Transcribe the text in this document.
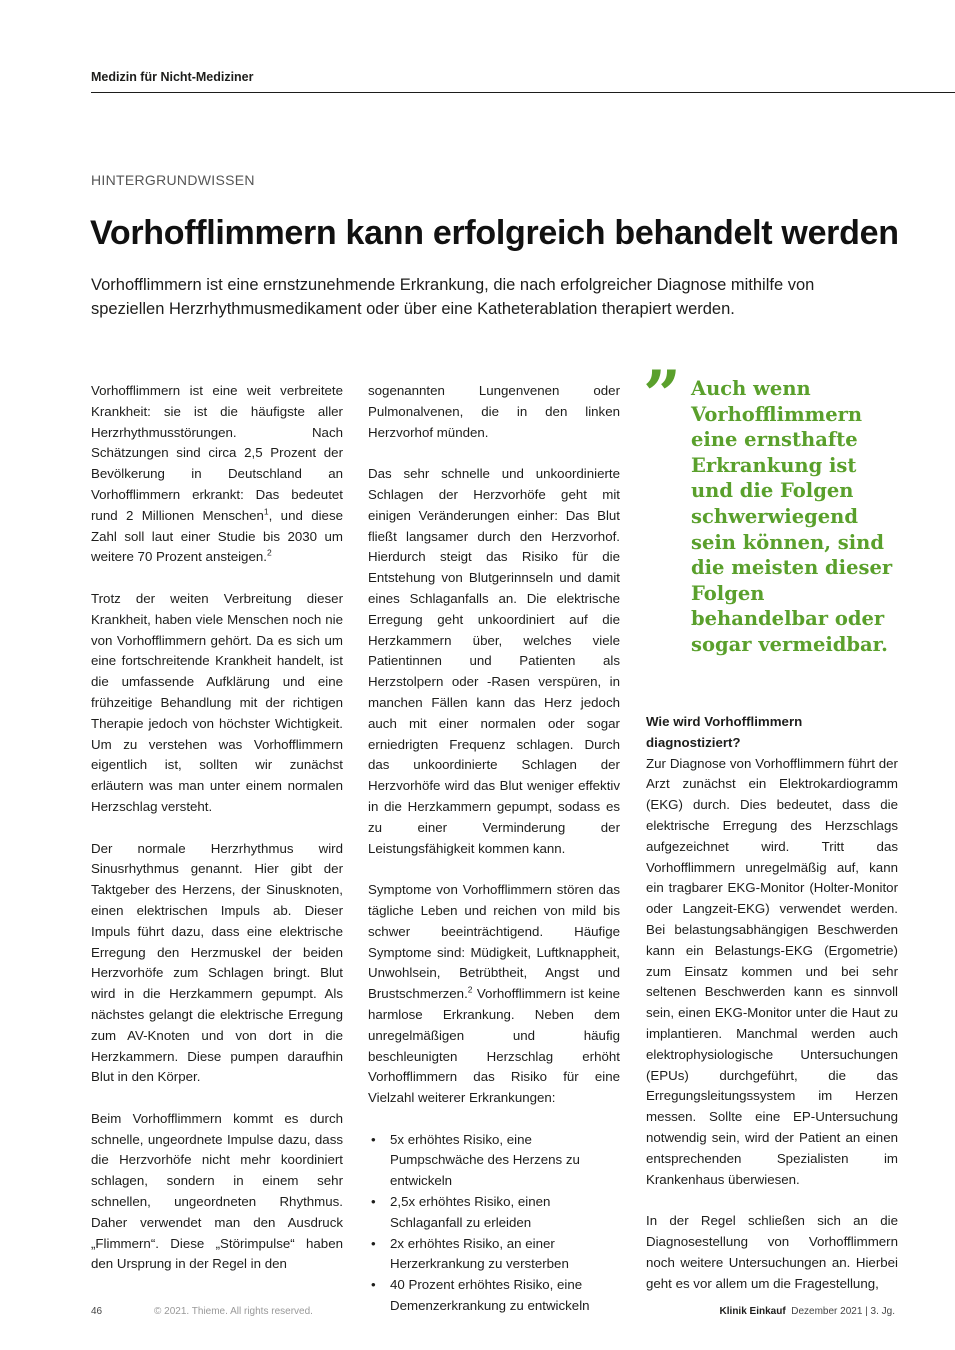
Medizin für Nicht-Mediziner
HINTERGRUNDWISSEN
Vorhofflimmern kann erfolgreich behandelt werden
Vorhofflimmern ist eine ernstzunehmende Erkrankung, die nach erfolgreicher Diagnose mithilfe von speziellen Herzrhythmusmedikament oder über eine Katheterablation therapiert werden.

Vorhofflimmern ist eine weit verbreitete Krankheit: sie ist die häufigste aller Herzrhythmusstörungen. Nach Schätzungen sind circa 2,5 Prozent der Bevölkerung in Deutschland an Vorhofflimmern erkrankt: Das bedeutet rund 2 Millionen Menschen$^1$, und diese Zahl soll laut einer Studie bis 2030 um weitere 70 Prozent ansteigen.$^2$

Trotz der weiten Verbreitung dieser Krankheit, haben viele Menschen noch nie von Vorhofflimmern gehört. Da es sich um eine fortschreitende Krankheit handelt, ist die umfassende Aufklärung und eine frühzeitige Behandlung mit der richtigen Therapie jedoch von höchster Wichtigkeit. Um zu verstehen was Vorhofflimmern eigentlich ist, sollten wir zunächst erläutern was man unter einem normalen Herzschlag versteht.

Der normale Herzrhythmus wird Sinusrhythmus genannt. Hier gibt der Taktgeber des Herzens, der Sinusknoten, einen elektrischen Impuls ab. Dieser Impuls führt dazu, dass eine elektrische Erregung den Herzmuskel der beiden Herzvorhöfe zum Schlagen bringt. Blut wird in die Herzkammern gepumpt. Als nächstes gelangt die elektrische Erregung zum AV-Knoten und von dort in die Herzkammern. Diese pumpen daraufhin Blut in den Körper.

Beim Vorhofflimmern kommt es durch schnelle, ungeordnete Impulse dazu, dass die Herzvorhöfe nicht mehr koordiniert schlagen, sondern in einem sehr schnellen, ungeordneten Rhythmus. Daher verwendet man den Ausdruck „Flimmern“. Diese „Störimpulse“ haben den Ursprung in der Regel in den

sogenannten Lungenvenen oder Pulmonalvenen, die in den linken Herzvorhof münden.

Das sehr schnelle und unkoordinierte Schlagen der Herzvorhöfe geht mit einigen Veränderungen einher: Das Blut fließt langsamer durch den Herzvorhof. Hierdurch steigt das Risiko für die Entstehung von Blutgerinnseln und damit eines Schlaganfalls an. Die elektrische Erregung geht unkoordiniert auf die Herzkammern über, welches viele Patientinnen und Patienten als Herzstolpern oder -Rasen verspüren, in manchen Fällen kann das Herz jedoch auch mit einer normalen oder sogar erniedrigten Frequenz schlagen. Durch das unkoordinierte Schlagen der Herzvorhöfe wird das Blut weniger effektiv in die Herzkammern gepumpt, sodass es zu einer Verminderung der Leistungsfähigkeit kommen kann.

Symptome von Vorhofflimmern stören das tägliche Leben und reichen von mild bis schwer beeinträchtigend. Häufige Symptome sind: Müdigkeit, Luftknappheit, Unwohlsein, Betrübtheit, Angst und Brustschmerzen.$^2$ Vorhofflimmern ist keine harmlose Erkrankung. Neben dem unregelmäßigen und häufig beschleunigten Herzschlag erhöht Vorhofflimmern das Risiko für eine Vielzahl weiterer Erkrankungen:

• 5x erhöhtes Risiko, eine Pumpschwäche des Herzens zu entwickeln
• 2,5x erhöhtes Risiko, einen Schlaganfall zu erleiden
• 2x erhöhtes Risiko, an einer Herzerkrankung zu versterben
• 40 Prozent erhöhtes Risiko, eine Demenzerkrankung zu entwickeln
” Auch wenn Vorhofflimmern eine ernsthafte Erkrankung ist und die Folgen schwerwiegend sein können, sind die meisten dieser Folgen behandelbar oder sogar vermeidbar.
Wie wird Vorhofflimmern diagnostiziert?

Zur Diagnose von Vorhofflimmern führt der Arzt zunächst ein Elektrokardiogramm (EKG) durch. Dies bedeutet, dass die elektrische Erregung des Herzschlags aufgezeichnet wird. Tritt das Vorhofflimmern unregelmäßig auf, kann ein tragbarer EKG-Monitor (Holter-Monitor oder Langzeit-EKG) verwendet werden. Bei belastungsabhängigen Beschwerden kann ein Belastungs-EKG (Ergometrie) zum Einsatz kommen und bei sehr seltenen Beschwerden kann es sinnvoll sein, einen EKG-Monitor unter die Haut zu implantieren. Manchmal werden auch elektrophysiologische Untersuchungen (EPUs) durchgeführt, die das Erregungsleitungssystem im Herzen messen. Sollte eine EP-Untersuchung notwendig sein, wird der Patient an einen entsprechenden Spezialisten im Krankenhaus überwiesen.

In der Regel schließen sich an die Diagnosestellung von Vorhofflimmern noch weitere Untersuchungen an. Hierbei geht es vor allem um die Fragestellung,

46	© 2021. Thieme. All rights reserved.	Klinik Einkauf Dezember 2021 | 3. Jg.
